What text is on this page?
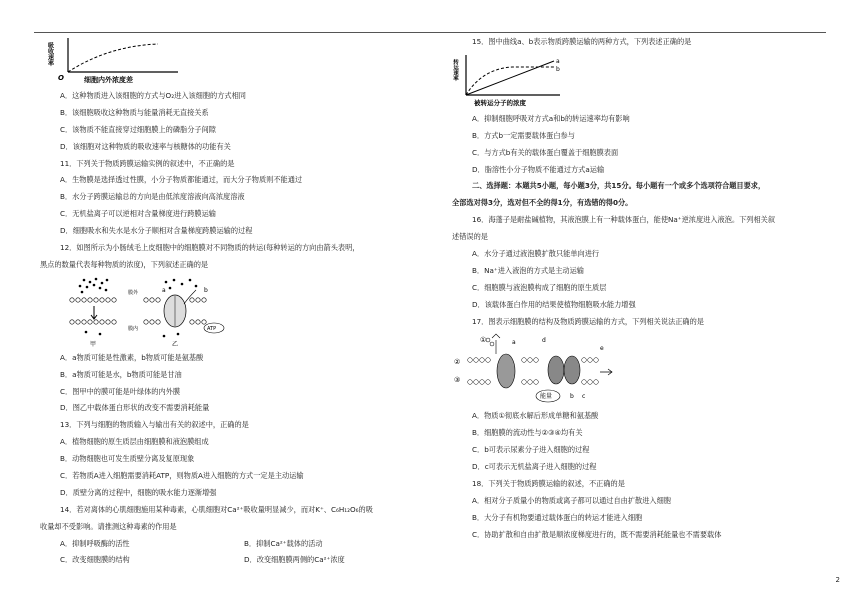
吸收速率
O	细胞内外浓度差
A．这种物质进入该细胞的方式与O₂进入该细胞的方式相同
B．该细胞吸收这种物质与能量消耗无直接关系
C．该物质不能直接穿过细胞膜上的磷脂分子间隙
D．该细胞对这种物质的吸收速率与核糖体的功能有关
11．下列关于物质跨膜运输实例的叙述中，不正确的是
A．生物膜是选择透过性膜，小分子物质都能通过，而大分子物质则不能通过
B．水分子跨膜运输总的方向是由低浓度溶液向高浓度溶液
C．无机盐离子可以逆相对含量梯度进行跨膜运输
D．细胞吸水和失水是水分子顺相对含量梯度跨膜运输的过程
12．如图所示为小肠绒毛上皮细胞中的细胞膜对不同物质的转运(每种转运的方向由箭头表明，
黑点的数量代表每种物质的浓度)，下列叙述正确的是
甲
膜外
膜内
a	b
ATP
乙
A．a物质可能是性激素，b物质可能是氨基酸
B．a物质可能是水，b物质可能是甘油
C．图甲中的膜可能是叶绿体的内外膜
D．图乙中载体蛋白形状的改变不需要消耗能量
13．下列与细胞的物质输入与输出有关的叙述中，正确的是
A．植物细胞的原生质层由细胞膜和液泡膜组成
B．动物细胞也可发生质壁分离及复原现象
C．若物质A进入细胞需要消耗ATP，则物质A进入细胞的方式一定是主动运输
D．质壁分离的过程中，细胞的吸水能力逐渐增强
14．若对离体的心肌细胞施用某种毒素，心肌细胞对Ca²⁺吸收量明显减少，而对K⁺、C₆H₁₂O₆的吸
收量却不受影响。请推测这种毒素的作用是
A．抑制呼吸酶的活性	B．抑制Ca²⁺载体的活动
C．改变细胞膜的结构	D．改变细胞膜两侧的Ca²⁺浓度
15．图中曲线a、b表示物质跨膜运输的两种方式，下列表述正确的是
转运速率	a
b
被转运分子的浓度
A．抑制细胞呼吸对方式a和b的转运速率均有影响
B．方式b一定需要载体蛋白参与
C．与方式b有关的载体蛋白覆盖于细胞膜表面
D．脂溶性小分子物质不能通过方式a运输
二、选择题：本题共5小题，每小题3分，共15分。每小题有一个或多个选项符合题目要求，
全部选对得3分，选对但不全的得1分，有选错的得0分。
16．海蓬子是耐盐碱植物，其液泡膜上有一种载体蛋白，能使Na⁺逆浓度进入液泡。下列相关叙
述错误的是
A．水分子通过液泡膜扩散只能单向进行
B．Na⁺进入液泡的方式是主动运输
C．细胞膜与液泡膜构成了细胞的原生质层
D．该载体蛋白作用的结果使植物细胞吸水能力增强
17．图表示细胞膜的结构及物质跨膜运输的方式，下列相关说法正确的是
①
②
③
a	d
b c
e
能量
A．物质①彻底水解后形成单糖和氨基酸
B．细胞膜的流动性与②③④均有关
C．b可表示尿素分子进入细胞的过程
D．c可表示无机盐离子进入细胞的过程
18．下列关于物质跨膜运输的叙述，不正确的是
A．相对分子质量小的物质或离子都可以通过自由扩散进入细胞
B．大分子有机物要通过载体蛋白的转运才能进入细胞
C．协助扩散和自由扩散是顺浓度梯度进行的，既不需要消耗能量也不需要载体
2
